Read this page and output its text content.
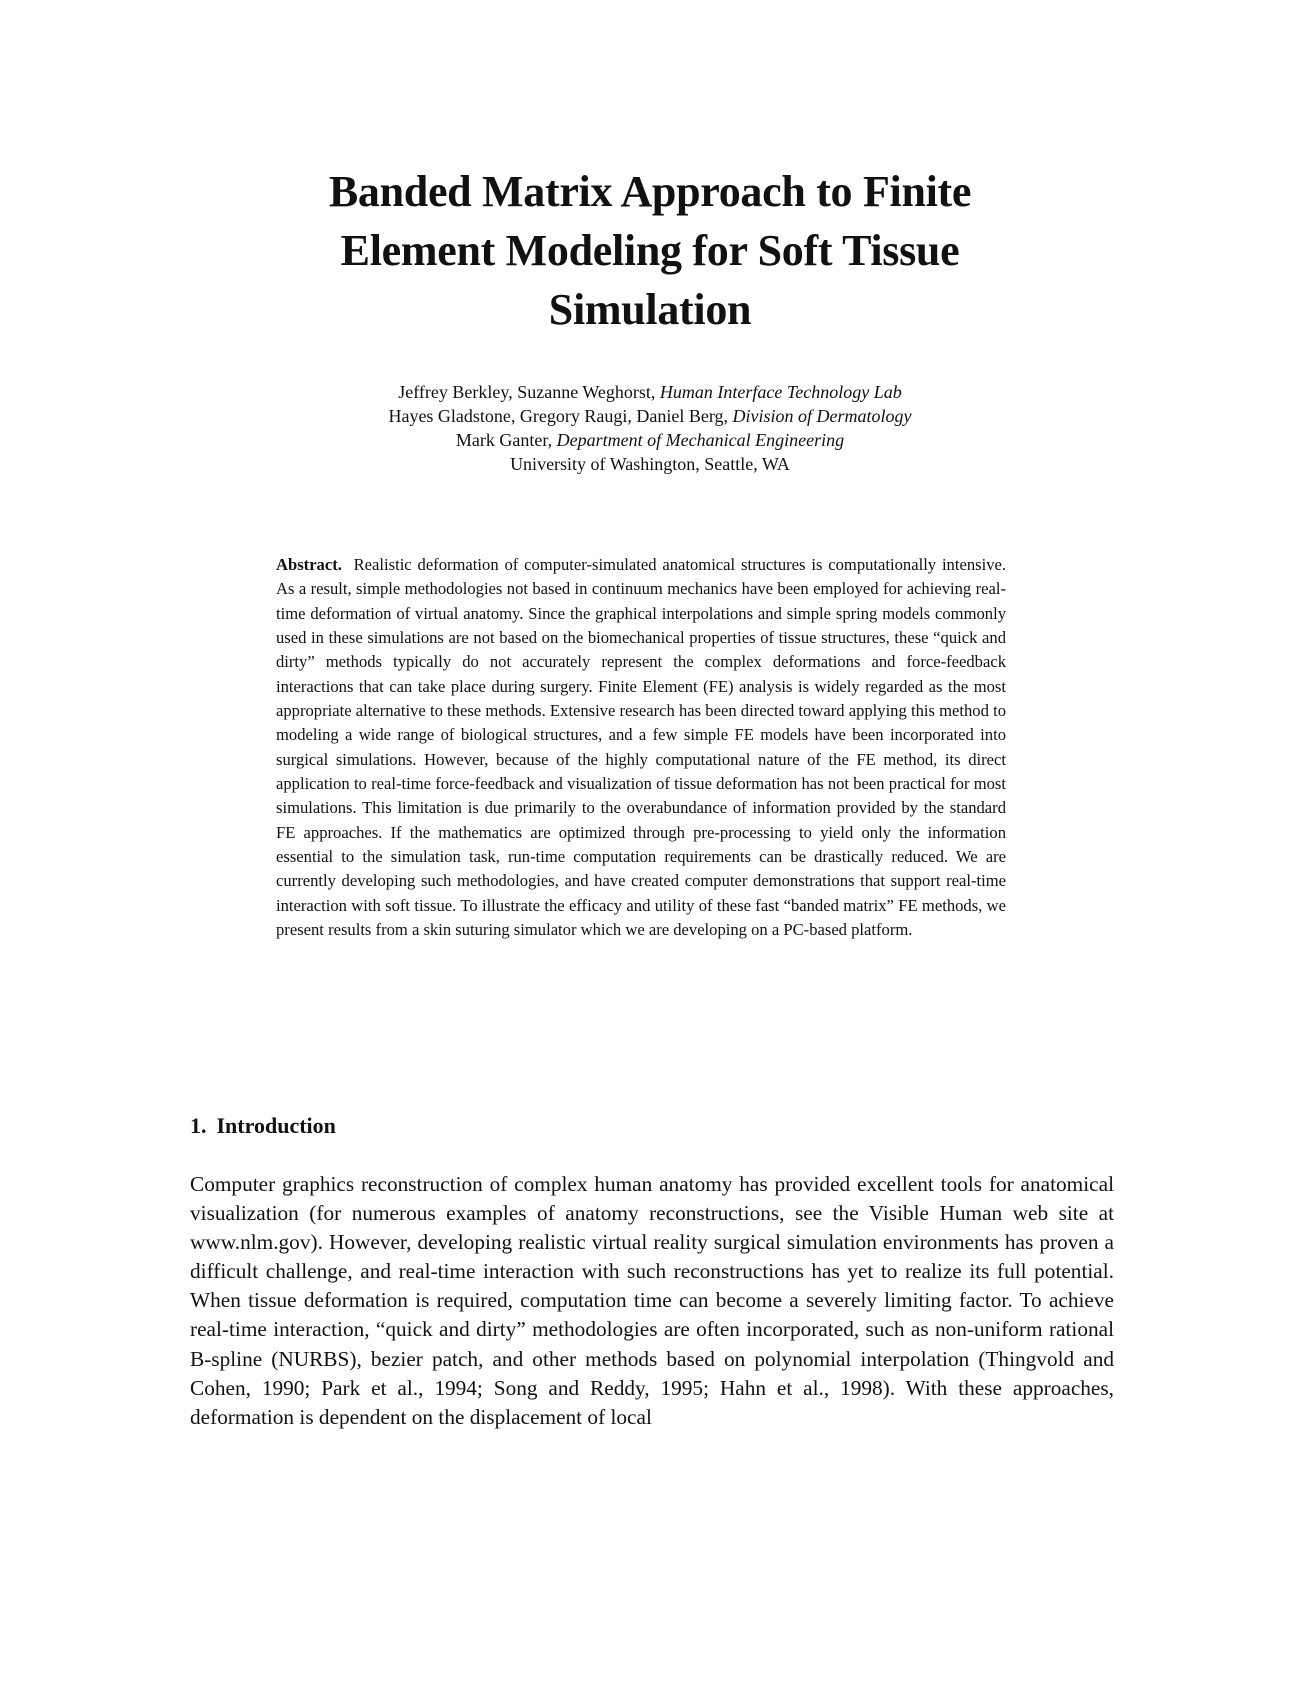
Banded Matrix Approach to Finite
Element Modeling for Soft Tissue
Simulation
Jeffrey Berkley, Suzanne Weghorst, Human Interface Technology Lab
Hayes Gladstone, Gregory Raugi, Daniel Berg, Division of Dermatology
Mark Ganter, Department of Mechanical Engineering
University of Washington, Seattle, WA

Abstract. Realistic deformation of computer-simulated anatomical structures is computationally intensive. As a result, simple methodologies not based in continuum mechanics have been employed for achieving real-time deformation of virtual anatomy. Since the graphical interpolations and simple spring models commonly used in these simulations are not based on the biomechanical properties of tissue structures, these “quick and dirty” methods typically do not accurately represent the complex deformations and force-feedback interactions that can take place during surgery. Finite Element (FE) analysis is widely regarded as the most appropriate alternative to these methods. Extensive research has been directed toward applying this method to modeling a wide range of biological structures, and a few simple FE models have been incorporated into surgical simulations. However, because of the highly computational nature of the FE method, its direct application to real-time force-feedback and visualization of tissue deformation has not been practical for most simulations. This limitation is due primarily to the overabundance of information provided by the standard FE approaches. If the mathematics are optimized through pre-processing to yield only the information essential to the simulation task, run-time computation requirements can be drastically reduced. We are currently developing such methodologies, and have created computer demonstrations that support real-time interaction with soft tissue. To illustrate the efficacy and utility of these fast “banded matrix” FE methods, we present results from a skin suturing simulator which we are developing on a PC-based platform.

1. Introduction

Computer graphics reconstruction of complex human anatomy has provided excellent tools for anatomical visualization (for numerous examples of anatomy reconstructions, see the Visible Human web site at www.nlm.gov). However, developing realistic virtual reality surgical simulation environments has proven a difficult challenge, and real-time interaction with such reconstructions has yet to realize its full potential. When tissue deformation is required, computation time can become a severely limiting factor. To achieve real-time interaction, “quick and dirty” methodologies are often incorporated, such as non-uniform rational B-spline (NURBS), bezier patch, and other methods based on polynomial interpolation (Thingvold and Cohen, 1990; Park et al., 1994; Song and Reddy, 1995; Hahn et al., 1998). With these approaches, deformation is dependent on the displacement of local
